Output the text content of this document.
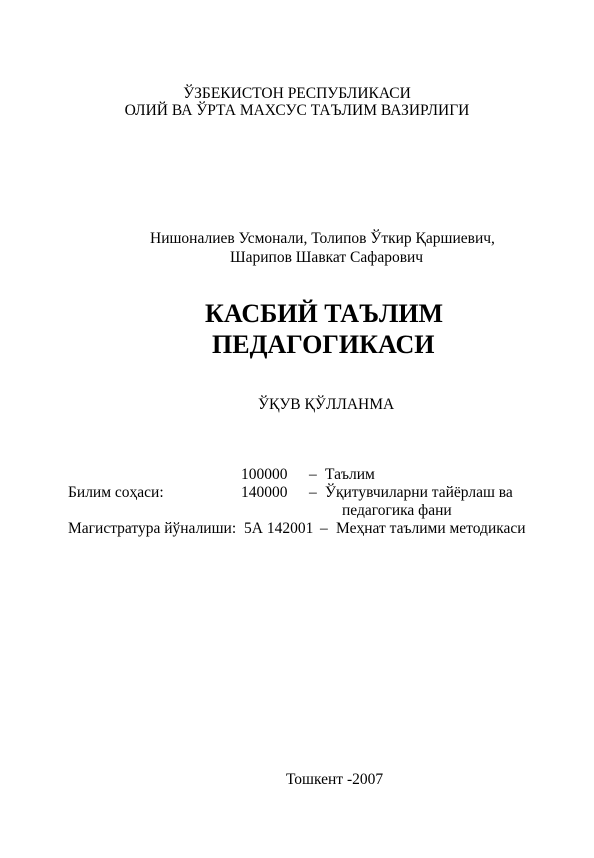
ЎЗБЕКИСТОН РЕСПУБЛИКАСИ
ОЛИЙ ВА ЎРТА МАХСУС ТАЪЛИМ ВАЗИРЛИГИ
Нишоналиев Усмонали, Толипов Ўткир Қаршиевич,
Шарипов Шавкат Сафарович
КАСБИЙ ТАЪЛИМ
ПЕДАГОГИКАСИ
ЎҚУВ ҚЎЛЛАНМА
100000 – Таълим
Билим соҳаси:	140000 – Ўқитувчиларни тайёрлаш ва
педагогика фани
Магистратура йўналиши: 5А 142001 – Меҳнат таълими методикаси
Тошкент -2007
